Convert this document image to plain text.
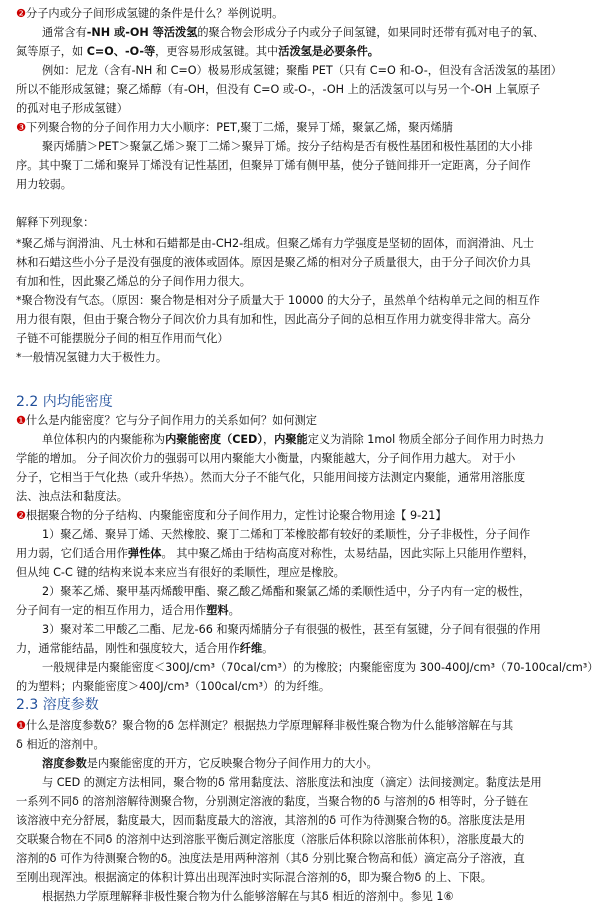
2.2 内均能密度
2.3 溶度参数
❷分子内或分子间形成氢键的条件是什么？举例说明。
通常含有-NH 或-OH 等活泼氢的聚合物会形成分子内或分子间氢键，如果同时还带有孤对电子的氧、
氮等原子，如 C=O、-O-等，更容易形成氢键。其中活泼氢是必要条件。
例如：尼龙（含有-NH 和 C=O）极易形成氢键；聚酯 PET（只有 C=O 和-O-，但没有含活泼氢的基团）
所以不能形成氢键；聚乙烯醇（有-OH，但没有 C=O 或-O-，-OH 上的活泼氢可以与另一个-OH 上氧原子
的孤对电子形成氢键）
❸下列聚合物的分子间作用力大小顺序：PET,聚丁二烯，聚异丁烯，聚氯乙烯，聚丙烯腈
聚丙烯腈＞PET＞聚氯乙烯＞聚丁二烯＞聚异丁烯。按分子结构是否有极性基团和极性基团的大小排
序。其中聚丁二烯和聚异丁烯没有记性基团，但聚异丁烯有侧甲基，使分子链间排开一定距离，分子间作
用力较弱。
解释下列现象：
*聚乙烯与润滑油、凡士林和石蜡都是由-CH2-组成。但聚乙烯有力学强度是坚韧的固体，而润滑油、凡士
林和石蜡这些小分子是没有强度的液体或固体。原因是聚乙烯的相对分子质量很大，由于分子间次价力具
有加和性，因此聚乙烯总的分子间作用力很大。
*聚合物没有气态。（原因：聚合物是相对分子质量大于 10000 的大分子，虽然单个结构单元之间的相互作
用力很有限，但由于聚合物分子间次价力具有加和性，因此高分子间的总相互作用力就变得非常大。高分
子链不可能摆脱分子间的相互作用而气化）
*一般情况氢键力大于极性力。
❶什么是内能密度？它与分子间作用力的关系如何？如何测定
单位体积内的内聚能称为内聚能密度（CED），内聚能定义为消除 1mol 物质全部分子间作用力时热力
学能的增加。 分子间次价力的强弱可以用内聚能大小衡量，内聚能越大，分子间作用力越大。 对于小
分子，它相当于气化热（或升华热）。然而大分子不能气化，只能用间接方法测定内聚能，通常用溶胀度
法、浊点法和黏度法。
❷根据聚合物的分子结构、内聚能密度和分子间作用力，定性讨论聚合物用途【 9-21】
1）聚乙烯、聚异丁烯、天然橡胶、聚丁二烯和丁苯橡胶都有较好的柔顺性，分子非极性，分子间作
用力弱，它们适合用作弹性体。 其中聚乙烯由于结构高度对称性，太易结晶，因此实际上只能用作塑料，
但从纯 C-C 键的结构来说本来应当有很好的柔顺性，理应是橡胶。
2）聚苯乙烯、聚甲基丙烯酸甲酯、聚乙酸乙烯酯和聚氯乙烯的柔顺性适中，分子内有一定的极性，
分子间有一定的相互作用力，适合用作塑料。
3）聚对苯二甲酸乙二酯、尼龙-66 和聚丙烯腈分子有很强的极性，甚至有氢键，分子间有很强的作用
力，通常能结晶，刚性和强度较大，适合用作纤维。
一般规律是内聚能密度＜300J/cm³（70cal/cm³）的为橡胶；内聚能密度为 300-400J/cm³（70-100cal/cm³）
的为塑料；内聚能密度＞400J/cm³（100cal/cm³）的为纤维。
❶什么是溶度参数δ？聚合物的δ 怎样测定？根据热力学原理解释非极性聚合物为什么能够溶解在与其
δ 相近的溶剂中。
溶度参数是内聚能密度的开方，它反映聚合物分子间作用力的大小。
与 CED 的测定方法相同，聚合物的δ 常用黏度法、溶胀度法和浊度（滴定）法间接测定。黏度法是用
一系列不同δ 的溶剂溶解待测聚合物，分别测定溶液的黏度，当聚合物的δ 与溶剂的δ 相等时，分子链在
该溶液中充分舒展，黏度最大，因而黏度最大的溶液，其溶剂的δ 可作为待测聚合物的δ。溶胀度法是用
交联聚合物在不同δ 的溶剂中达到溶胀平衡后测定溶胀度（溶胀后体积除以溶胀前体积），溶胀度最大的
溶剂的δ 可作为待测聚合物的δ。浊度法是用两种溶剂（其δ 分别比聚合物高和低）滴定高分子溶液，直
至刚出现浑浊。根据滴定的体积计算出出现浑浊时实际混合溶剂的δ，即为聚合物δ 的上、下限。
根据热力学原理解释非极性聚合物为什么能够溶解在与其δ 相近的溶剂中。参见 1⑥
